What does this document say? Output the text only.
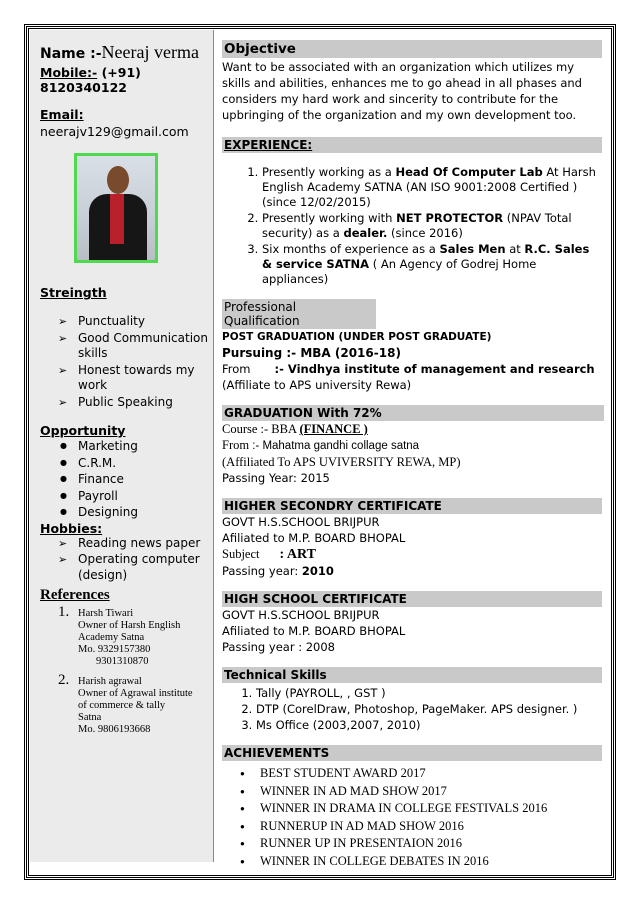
Name :-Neeraj verma
Mobile:- (+91) 8120340122
Email:
neerajv129@gmail.com
Streingth
➢ Punctuality
➢ Good Communication skills
➢ Honest towards my work
➢ Public Speaking
Opportunity
● Marketing
● C.R.M.
● Finance
● Payroll
● Designing
Hobbies:
➢ Reading news paper
➢ Operating computer (design)
References
1. Harsh Tiwari
Owner of Harsh English
Academy Satna
Mo. 9329157380
9301310870
2. Harish agrawal
Owner of Agrawal institute
of commerce & tally
Satna
Mo. 9806193668
Objective
Want to be associated with an organization which utilizes my skills and abilities, enhances me to go ahead in all phases and considers my hard work and sincerity to contribute for the upbringing of the organization and my own development too.
EXPERIENCE:
1. Presently working as a Head Of Computer Lab At Harsh English Academy SATNA (AN ISO 9001:2008 Certified ) (since 12/02/2015)
2. Presently working with NET PROTECTOR (NPAV Total security) as a dealer. (since 2016)
3. Six months of experience as a Sales Men at R.C. Sales & service SATNA ( An Agency of Godrej Home appliances)
Professional Qualification
POST GRADUATION (UNDER POST GRADUATE)
Pursuing :- MBA (2016-18)
From :- Vindhya institute of management and research
(Affiliate to APS university Rewa)
GRADUATION With 72%
Course :- BBA (FINANCE )
From :- Mahatma gandhi collage satna
(Affiliated To APS UVIVERSITY REWA, MP)
Passing Year: 2015
HIGHER SECONDRY CERTIFICATE
GOVT H.S.SCHOOL BRIJPUR
Afiliated to M.P. BOARD BHOPAL
Subject : ART
Passing year: 2010
HIGH SCHOOL CERTIFICATE
GOVT H.S.SCHOOL BRIJPUR
Afiliated to M.P. BOARD BHOPAL
Passing year : 2008
Technical Skills
1. Tally (PAYROLL, , GST )
2. DTP (CorelDraw, Photoshop, PageMaker. APS designer. )
3. Ms Office (2003,2007, 2010)
ACHIEVEMENTS
● BEST STUDENT AWARD 2017
● WINNER IN AD MAD SHOW 2017
● WINNER IN DRAMA IN COLLEGE FESTIVALS 2016
● RUNNERUP IN AD MAD SHOW 2016
● RUNNER UP IN PRESENTAION 2016
● WINNER IN COLLEGE DEBATES IN 2016
